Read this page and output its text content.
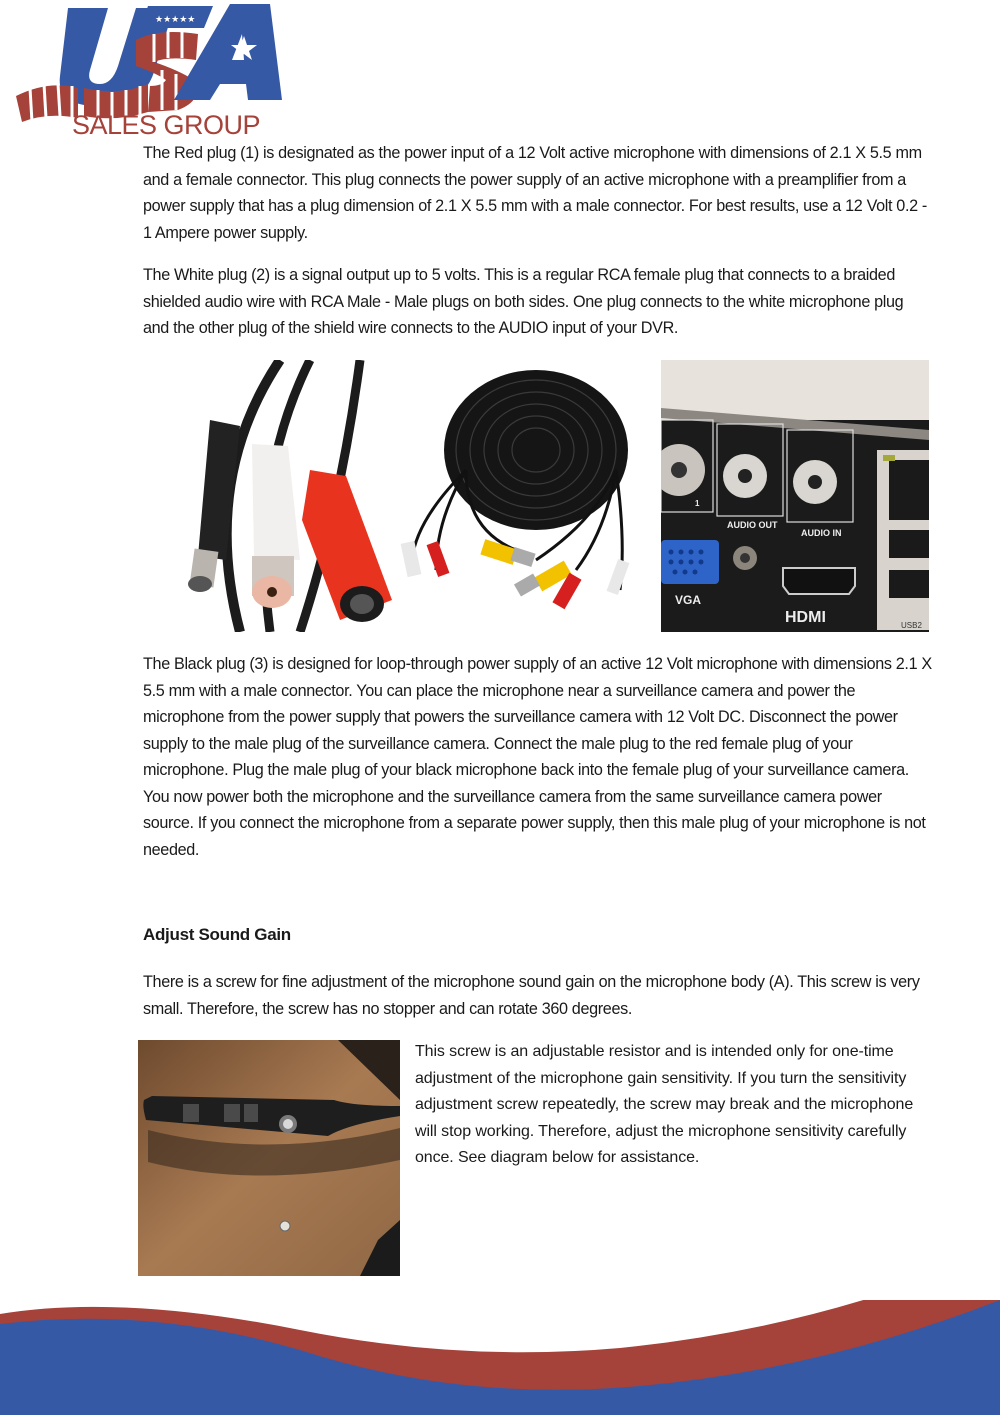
★★★★★
SALES GROUP

The Red plug (1) is designated as the power input of a 12 Volt active microphone with dimensions of 2.1 X 5.5 mm and a female connector. This plug connects the power supply of an active microphone with a preamplifier from a power supply that has a plug dimension of 2.1 X 5.5 mm with a male connector. For best results, use a 12 Volt 0.2 - 1 Ampere power supply.

The White plug (2) is a signal output up to 5 volts. This is a regular RCA female plug that connects to a braided shielded audio wire with RCA Male - Male plugs on both sides. One plug connects to the white microphone plug and the other plug of the shield wire connects to the AUDIO input of your DVR.

1
AUDIO OUT
AUDIO IN
VGA
HDMI	USB2

The Black plug (3) is designed for loop-through power supply of an active 12 Volt microphone with dimensions 2.1 X 5.5 mm with a male connector. You can place the microphone near a surveillance camera and power the microphone from the power supply that powers the surveillance camera with 12 Volt DC. Disconnect the power supply to the male plug of the surveillance camera. Connect the male plug to the red female plug of your microphone. Plug the male plug of your black microphone back into the female plug of your surveillance camera. You now power both the microphone and the surveillance camera from the same surveillance camera power source. If you connect the microphone from a separate power supply, then this male plug of your microphone is not needed.

Adjust Sound Gain

There is a screw for fine adjustment of the microphone sound gain on the microphone body (A). This screw is very small. Therefore, the screw has no stopper and can rotate 360 degrees.

This screw is an adjustable resistor and is intended only for one-time adjustment of the microphone gain sensitivity. If you turn the sensitivity adjustment screw repeatedly, the screw may break and the microphone will stop working. Therefore, adjust the microphone sensitivity carefully once. See diagram below for assistance.
